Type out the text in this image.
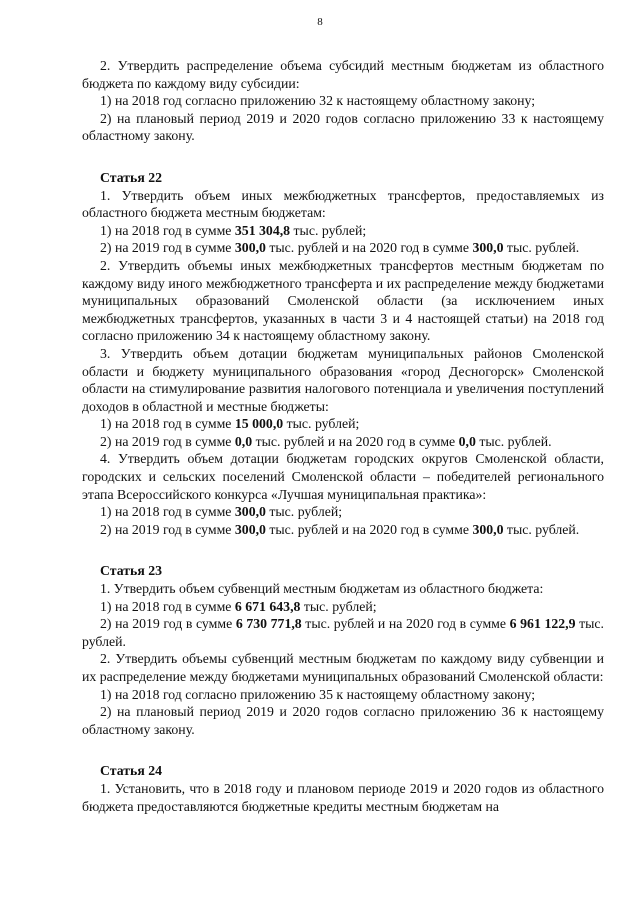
8

2. Утвердить распределение объема субсидий местным бюджетам из областного бюджета по каждому виду субсидии:

1) на 2018 год согласно приложению 32 к настоящему областному закону;

2) на плановый период 2019 и 2020 годов согласно приложению 33 к настоящему областному закону.

Статья 22

1. Утвердить объем иных межбюджетных трансфертов, предоставляемых из областного бюджета местным бюджетам:

1) на 2018 год в сумме 351 304,8 тыс. рублей;

2) на 2019 год в сумме 300,0 тыс. рублей и на 2020 год в сумме 300,0 тыс. рублей.

2. Утвердить объемы иных межбюджетных трансфертов местным бюджетам по каждому виду иного межбюджетного трансферта и их распределение между бюджетами муниципальных образований Смоленской области (за исключением иных межбюджетных трансфертов, указанных в части 3 и 4 настоящей статьи) на 2018 год согласно приложению 34 к настоящему областному закону.

3. Утвердить объем дотации бюджетам муниципальных районов Смоленской области и бюджету муниципального образования «город Десногорск» Смоленской области на стимулирование развития налогового потенциала и увеличения поступлений доходов в областной и местные бюджеты:

1) на 2018 год в сумме 15 000,0 тыс. рублей;

2) на 2019 год в сумме 0,0 тыс. рублей и на 2020 год в сумме 0,0 тыс. рублей.

4. Утвердить объем дотации бюджетам городских округов Смоленской области, городских и сельских поселений Смоленской области – победителей регионального этапа Всероссийского конкурса «Лучшая муниципальная практика»:

1) на 2018 год в сумме 300,0 тыс. рублей;

2) на 2019 год в сумме 300,0 тыс. рублей и на 2020 год в сумме 300,0 тыс. рублей.

Статья 23

1. Утвердить объем субвенций местным бюджетам из областного бюджета:

1) на 2018 год в сумме 6 671 643,8 тыс. рублей;

2) на 2019 год в сумме 6 730 771,8 тыс. рублей и на 2020 год в сумме 6 961 122,9 тыс. рублей.

2. Утвердить объемы субвенций местным бюджетам по каждому виду субвенции и их распределение между бюджетами муниципальных образований Смоленской области:

1) на 2018 год согласно приложению 35 к настоящему областному закону;

2) на плановый период 2019 и 2020 годов согласно приложению 36 к настоящему областному закону.

Статья 24

1. Установить, что в 2018 году и плановом периоде 2019 и 2020 годов из областного бюджета предоставляются бюджетные кредиты местным бюджетам на
